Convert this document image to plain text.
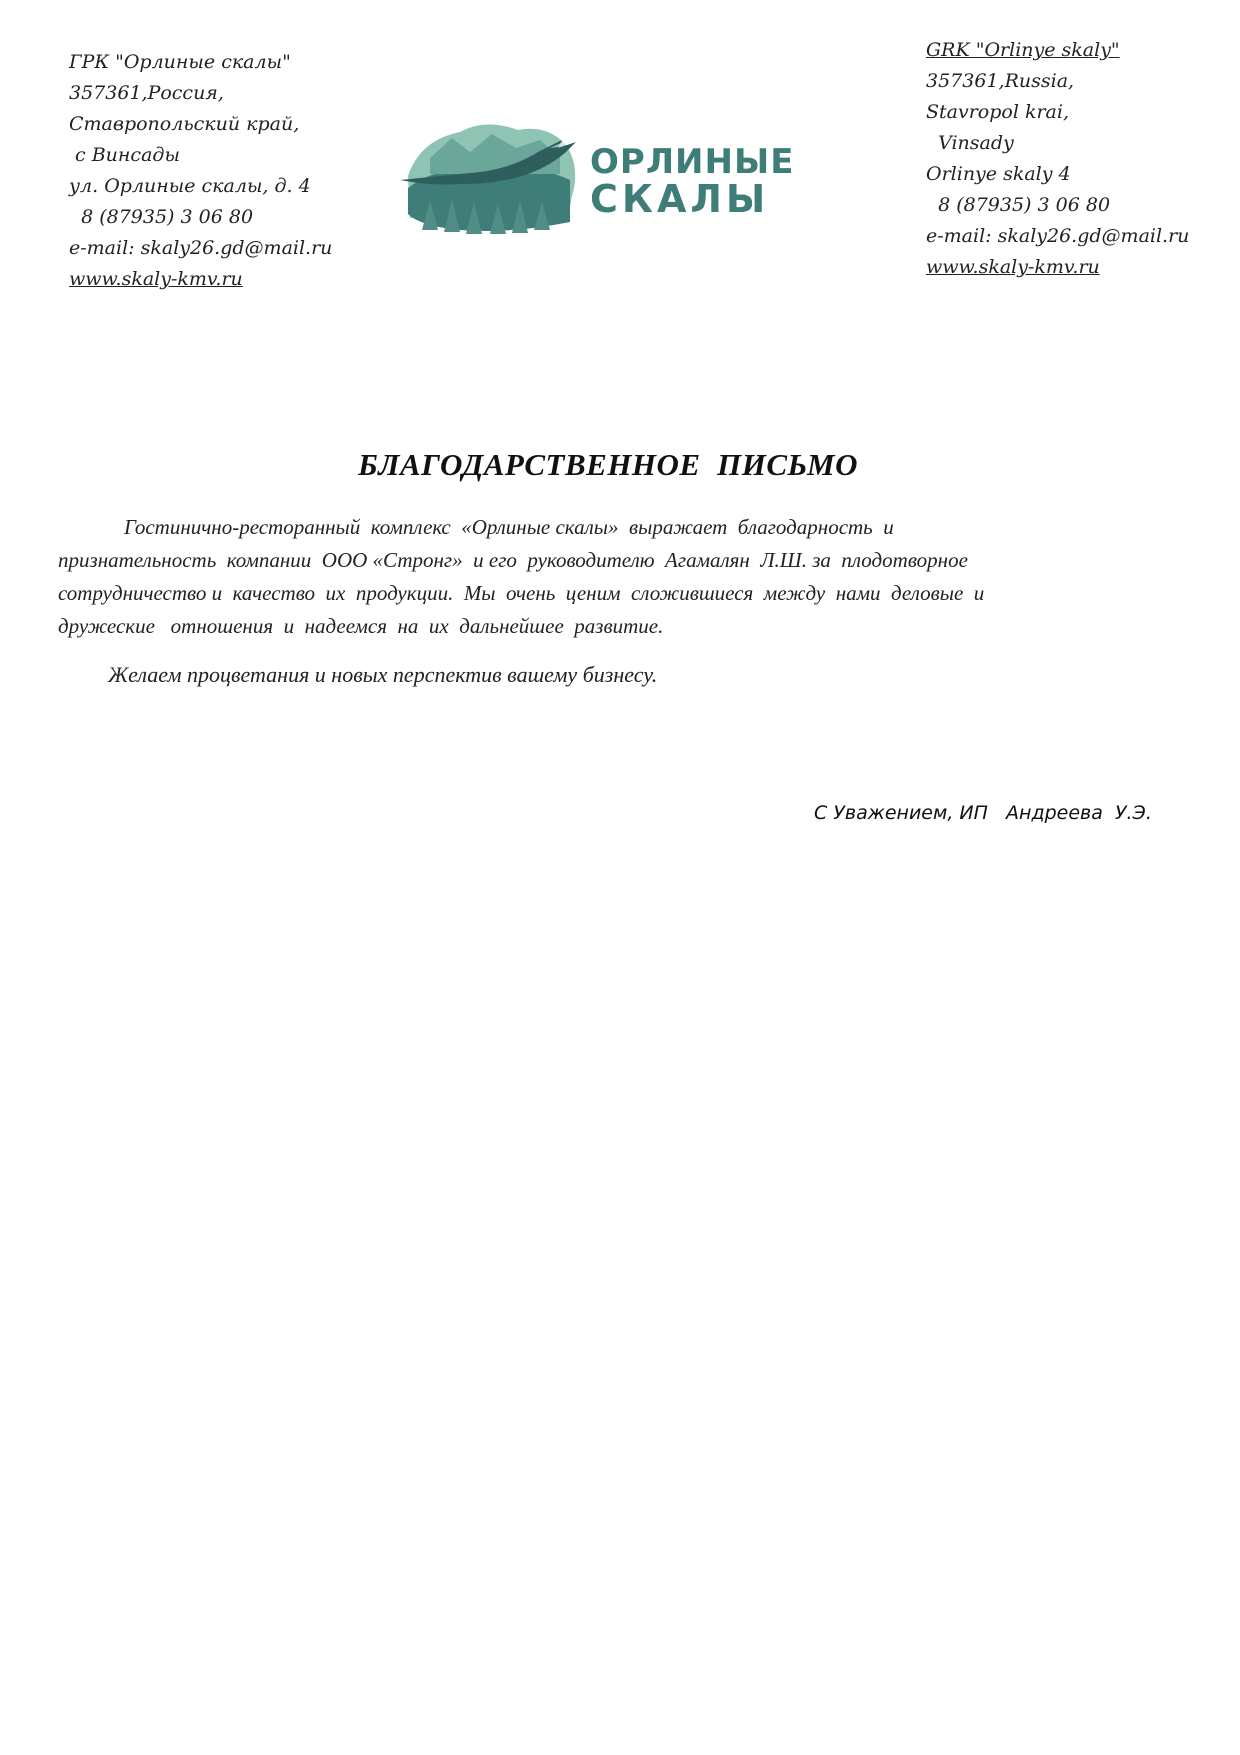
ГРК "Орлиные скалы"
357361,Россия,
Ставропольский край,
с Винсады
ул. Орлиные скалы, д. 4
8 (87935) 3 06 80
e-mail: skaly26.gd@mail.ru
www.skaly-kmv.ru
GRK "Orlinye skaly"
357361,Russia,
Stavropol krai,
Vinsady
Orlinye skaly 4
8 (87935) 3 06 80
e-mail: skaly26.gd@mail.ru
www.skaly-kmv.ru
ОРЛИНЫЕ
СКАЛЫ
БЛАГОДАРСТВЕННОЕ  ПИСЬМО
Гостинично-ресторанный  комплекс  «Орлиные скалы»  выражает  благодарность  и
признательность  компании  ООО «Стронг»  и его  руководителю  Агамалян  Л.Ш. за  плодотворное
сотрудничество и  качество  их  продукции.  Мы  очень  ценим  сложившиеся  между  нами  деловые  и
дружеские   отношения  и  надеемся  на  их  дальнейшее  развитие.
Желаем процветания и новых перспектив вашему бизнесу.
С Уважением, ИП   Андреева  У.Э.
